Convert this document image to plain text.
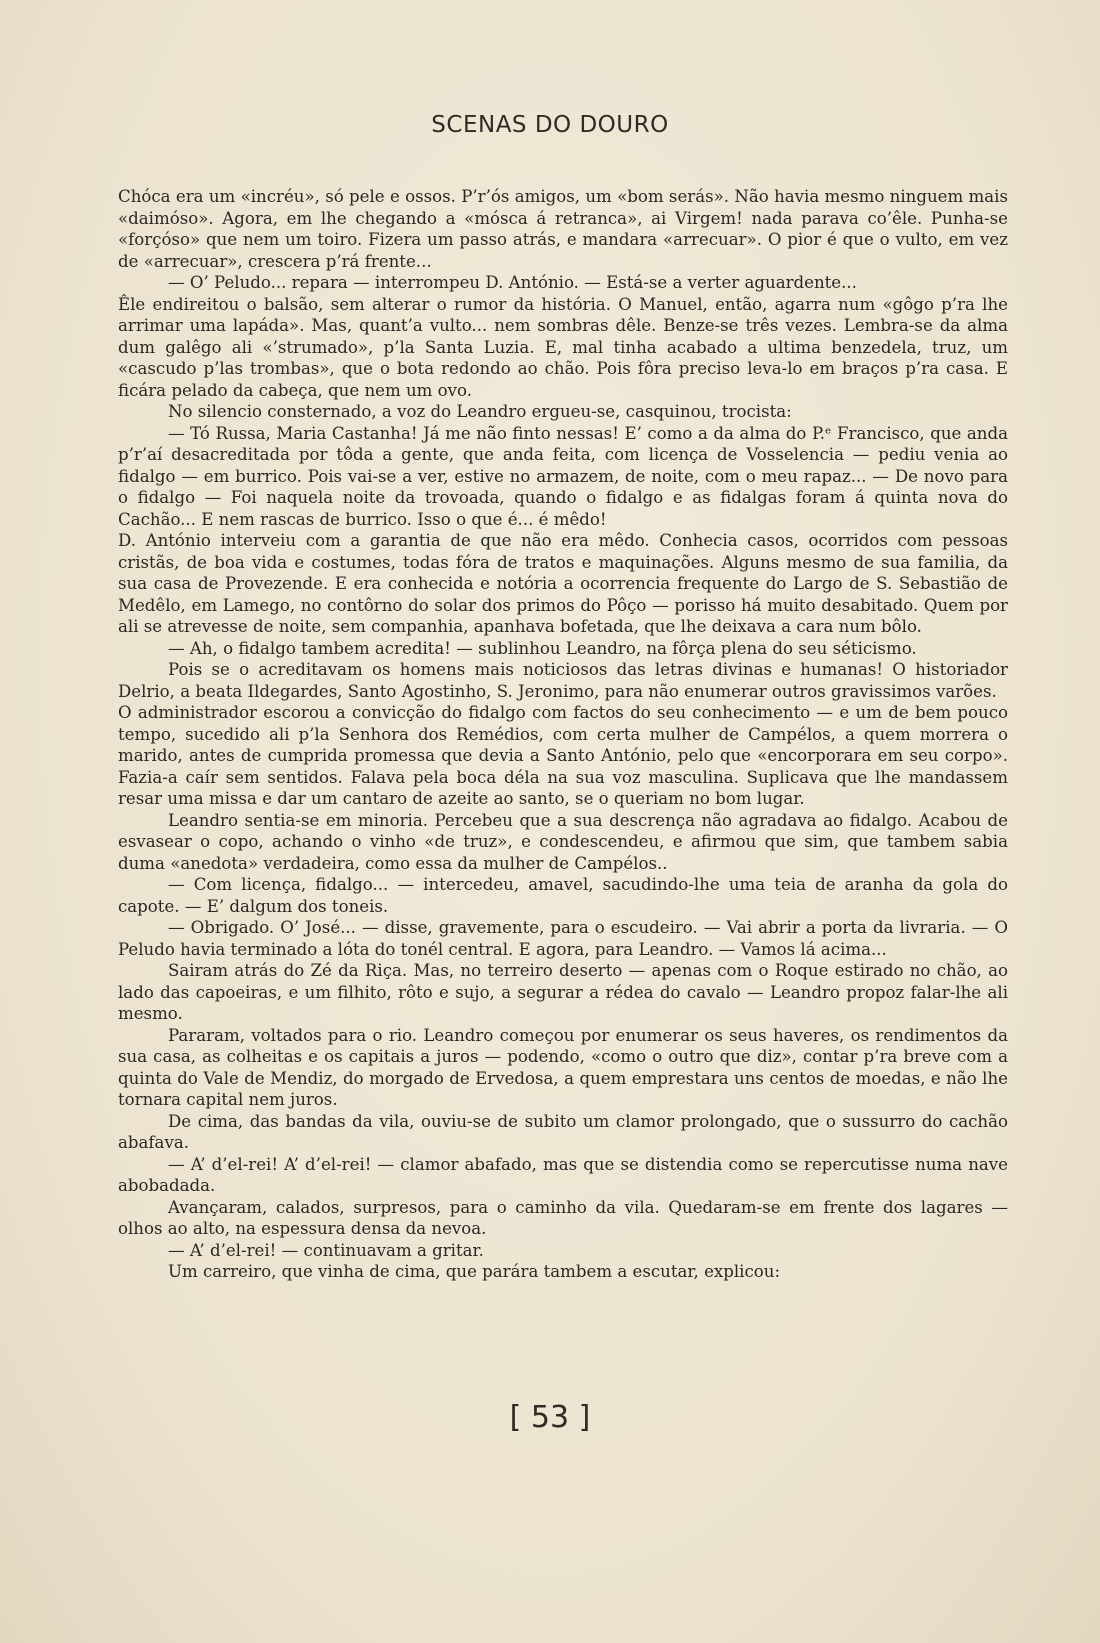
SCENAS DO DOURO

Chóca era um «incréu», só pele e ossos. P’r’ós amigos, um «bom serás». Não havia mesmo ninguem mais «daimóso». Agora, em lhe chegando a «mósca á retranca», ai Virgem! nada parava co’êle. Punha-se «forçóso» que nem um toiro. Fizera um passo atrás, e mandara «arrecuar». O pior é que o vulto, em vez de «arrecuar», crescera p’rá frente...

— O’ Peludo... repara — interrompeu D. António. — Está-se a verter aguardente...

Êle endireitou o balsão, sem alterar o rumor da história. O Manuel, então, agarra num «gôgo p’ra lhe arrimar uma lapáda». Mas, quant’a vulto... nem sombras dêle. Benze-se três vezes. Lembra-se da alma dum galêgo ali «’strumado», p’la Santa Luzia. E, mal tinha acabado a ultima benzedela, truz, um «cascudo p’las trombas», que o bota redondo ao chão. Pois fôra preciso leva-lo em braços p’ra casa. E ficára pelado da cabeça, que nem um ovo.

No silencio consternado, a voz do Leandro ergueu-se, casquinou, trocista:

— Tó Russa, Maria Castanha! Já me não finto nessas! E’ como a da alma do P.ᵉ Francisco, que anda p’r’aí desacreditada por tôda a gente, que anda feita, com licença de Vosselencia — pediu venia ao fidalgo — em burrico. Pois vai-se a ver, estive no armazem, de noite, com o meu rapaz... — De novo para o fidalgo — Foi naquela noite da trovoada, quando o fidalgo e as fidalgas foram á quinta nova do Cachão... E nem rascas de burrico. Isso o que é... é mêdo!

D. António interveiu com a garantia de que não era mêdo. Conhecia casos, ocorridos com pessoas cristãs, de boa vida e costumes, todas fóra de tratos e maquinações. Alguns mesmo de sua familia, da sua casa de Provezende. E era conhecida e notória a ocorrencia frequente do Largo de S. Sebastião de Medêlo, em Lamego, no contôrno do solar dos primos do Pôço — porisso há muito desabitado. Quem por ali se atrevesse de noite, sem companhia, apanhava bofetada, que lhe deixava a cara num bôlo.

— Ah, o fidalgo tambem acredita! — sublinhou Leandro, na fôrça plena do seu séticismo.

Pois se o acreditavam os homens mais noticiosos das letras divinas e humanas! O historiador Delrio, a beata Ildegardes, Santo Agostinho, S. Jeronimo, para não enumerar outros gravissimos varões.

O administrador escorou a convicção do fidalgo com factos do seu conhecimento — e um de bem pouco tempo, sucedido ali p’la Senhora dos Remédios, com certa mulher de Campélos, a quem morrera o marido, antes de cumprida promessa que devia a Santo António, pelo que «encorporara em seu corpo». Fazia-a caír sem sentidos. Falava pela boca déla na sua voz masculina. Suplicava que lhe mandassem resar uma missa e dar um cantaro de azeite ao santo, se o queriam no bom lugar.

Leandro sentia-se em minoria. Percebeu que a sua descrença não agradava ao fidalgo. Acabou de esvasear o copo, achando o vinho «de truz», e condescendeu, e afirmou que sim, que tambem sabia duma «anedota» verdadeira, como essa da mulher de Campélos..

— Com licença, fidalgo... — intercedeu, amavel, sacudindo-lhe uma teia de aranha da gola do capote. — E’ dalgum dos toneis.

— Obrigado. O’ José... — disse, gravemente, para o escudeiro. — Vai abrir a porta da livraria. — O Peludo havia terminado a lóta do tonél central. E agora, para Leandro. — Vamos lá acima...

Sairam atrás do Zé da Riça. Mas, no terreiro deserto — apenas com o Roque estirado no chão, ao lado das capoeiras, e um filhito, rôto e sujo, a segurar a rédea do cavalo — Leandro propoz falar-lhe ali mesmo.

Pararam, voltados para o rio. Leandro começou por enumerar os seus haveres, os rendimentos da sua casa, as colheitas e os capitais a juros — podendo, «como o outro que diz», contar p’ra breve com a quinta do Vale de Mendiz, do morgado de Ervedosa, a quem emprestara uns centos de moedas, e não lhe tornara capital nem juros.

De cima, das bandas da vila, ouviu-se de subito um clamor prolongado, que o sussurro do cachão abafava.

— A’ d’el-rei! A’ d’el-rei! — clamor abafado, mas que se distendia como se repercutisse numa nave abobadada.

Avançaram, calados, surpresos, para o caminho da vila. Quedaram-se em frente dos lagares — olhos ao alto, na espessura densa da nevoa.

— A’ d’el-rei! — continuavam a gritar.

Um carreiro, que vinha de cima, que parára tambem a escutar, explicou:

[ 53 ]
